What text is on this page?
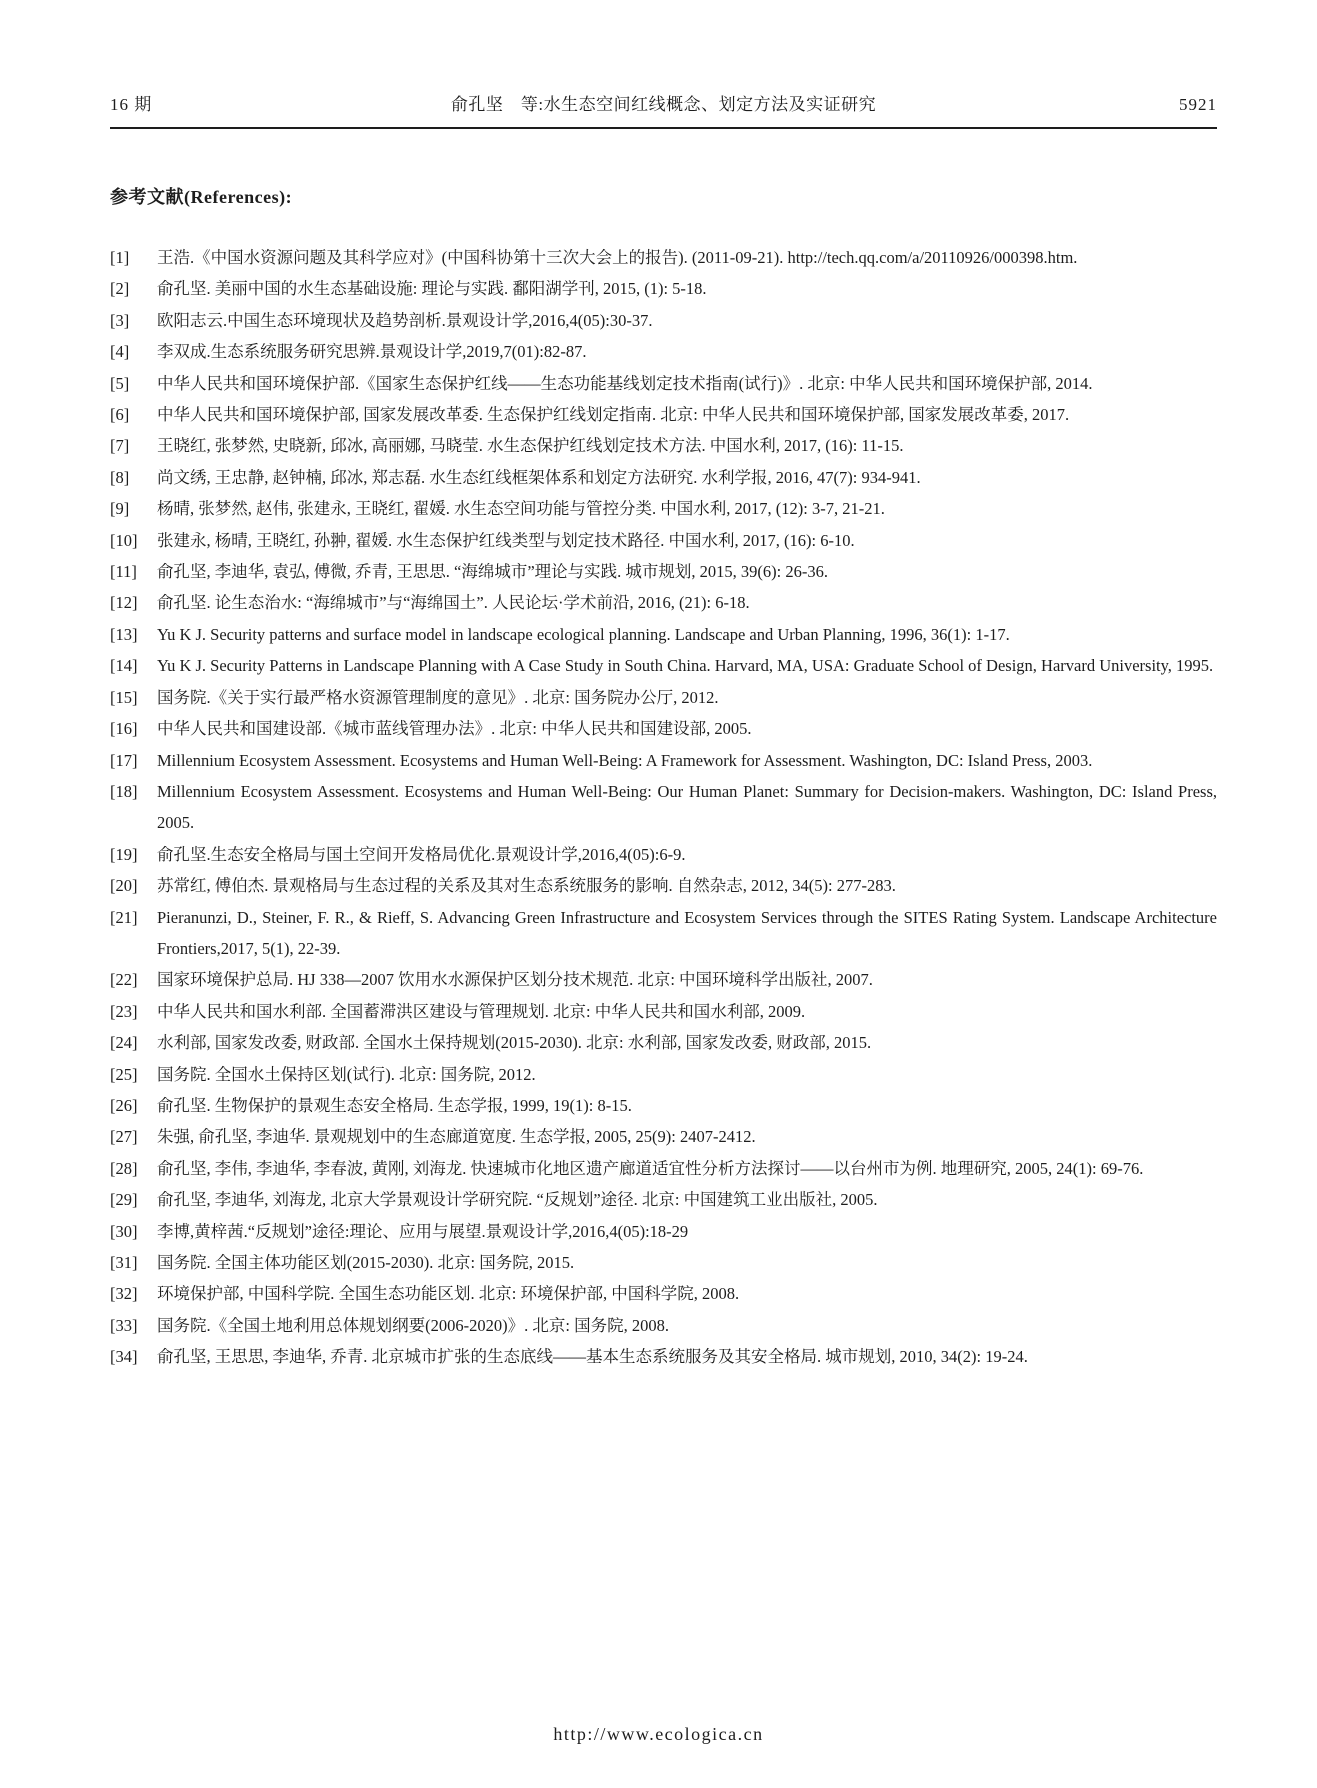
16 期	俞孔坚　等:水生态空间红线概念、划定方法及实证研究	5921
参考文献(References):
[1]	王浩.《中国水资源问题及其科学应对》(中国科协第十三次大会上的报告). (2011-09-21). http://tech.qq.com/a/20110926/000398.htm.
[2]	俞孔坚. 美丽中国的水生态基础设施: 理论与实践. 鄱阳湖学刊, 2015, (1): 5-18.
[3]	欧阳志云.中国生态环境现状及趋势剖析.景观设计学,2016,4(05):30-37.
[4]	李双成.生态系统服务研究思辨.景观设计学,2019,7(01):82-87.
[5]	中华人民共和国环境保护部.《国家生态保护红线——生态功能基线划定技术指南(试行)》. 北京: 中华人民共和国环境保护部, 2014.
[6]	中华人民共和国环境保护部, 国家发展改革委. 生态保护红线划定指南. 北京: 中华人民共和国环境保护部, 国家发展改革委, 2017.
[7]	王晓红, 张梦然, 史晓新, 邱冰, 高丽娜, 马晓莹. 水生态保护红线划定技术方法. 中国水利, 2017, (16): 11-15.
[8]	尚文绣, 王忠静, 赵钟楠, 邱冰, 郑志磊. 水生态红线框架体系和划定方法研究. 水利学报, 2016, 47(7): 934-941.
[9]	杨晴, 张梦然, 赵伟, 张建永, 王晓红, 翟媛. 水生态空间功能与管控分类. 中国水利, 2017, (12): 3-7, 21-21.
[10]	张建永, 杨晴, 王晓红, 孙翀, 翟媛. 水生态保护红线类型与划定技术路径. 中国水利, 2017, (16): 6-10.
[11]	俞孔坚, 李迪华, 袁弘, 傅微, 乔青, 王思思. “海绵城市”理论与实践. 城市规划, 2015, 39(6): 26-36.
[12]	俞孔坚. 论生态治水: “海绵城市”与“海绵国土”. 人民论坛·学术前沿, 2016, (21): 6-18.
[13]	Yu K J. Security patterns and surface model in landscape ecological planning. Landscape and Urban Planning, 1996, 36(1): 1-17.
[14]	Yu K J. Security Patterns in Landscape Planning with A Case Study in South China. Harvard, MA, USA: Graduate School of Design, Harvard University, 1995.
[15]	国务院.《关于实行最严格水资源管理制度的意见》. 北京: 国务院办公厅, 2012.
[16]	中华人民共和国建设部.《城市蓝线管理办法》. 北京: 中华人民共和国建设部, 2005.
[17]	Millennium Ecosystem Assessment. Ecosystems and Human Well-Being: A Framework for Assessment. Washington, DC: Island Press, 2003.
[18]	Millennium Ecosystem Assessment. Ecosystems and Human Well-Being: Our Human Planet: Summary for Decision-makers. Washington, DC: Island Press, 2005.
[19]	俞孔坚.生态安全格局与国土空间开发格局优化.景观设计学,2016,4(05):6-9.
[20]	苏常红, 傅伯杰. 景观格局与生态过程的关系及其对生态系统服务的影响. 自然杂志, 2012, 34(5): 277-283.
[21]	Pieranunzi, D., Steiner, F. R., & Rieff, S. Advancing Green Infrastructure and Ecosystem Services through the SITES Rating System. Landscape Architecture Frontiers,2017, 5(1), 22-39.
[22]	国家环境保护总局. HJ 338—2007 饮用水水源保护区划分技术规范. 北京: 中国环境科学出版社, 2007.
[23]	中华人民共和国水利部. 全国蓄滞洪区建设与管理规划. 北京: 中华人民共和国水利部, 2009.
[24]	水利部, 国家发改委, 财政部. 全国水土保持规划(2015-2030). 北京: 水利部, 国家发改委, 财政部, 2015.
[25]	国务院. 全国水土保持区划(试行). 北京: 国务院, 2012.
[26]	俞孔坚. 生物保护的景观生态安全格局. 生态学报, 1999, 19(1): 8-15.
[27]	朱强, 俞孔坚, 李迪华. 景观规划中的生态廊道宽度. 生态学报, 2005, 25(9): 2407-2412.
[28]	俞孔坚, 李伟, 李迪华, 李春波, 黄刚, 刘海龙. 快速城市化地区遗产廊道适宜性分析方法探讨——以台州市为例. 地理研究, 2005, 24(1): 69-76.
[29]	俞孔坚, 李迪华, 刘海龙, 北京大学景观设计学研究院. “反规划”途径. 北京: 中国建筑工业出版社, 2005.
[30]	李博,黄梓茜.“反规划”途径:理论、应用与展望.景观设计学,2016,4(05):18-29
[31]	国务院. 全国主体功能区划(2015-2030). 北京: 国务院, 2015.
[32]	环境保护部, 中国科学院. 全国生态功能区划. 北京: 环境保护部, 中国科学院, 2008.
[33]	国务院.《全国土地利用总体规划纲要(2006-2020)》. 北京: 国务院, 2008.
[34]	俞孔坚, 王思思, 李迪华, 乔青. 北京城市扩张的生态底线——基本生态系统服务及其安全格局. 城市规划, 2010, 34(2): 19-24.
http://www.ecologica.cn
